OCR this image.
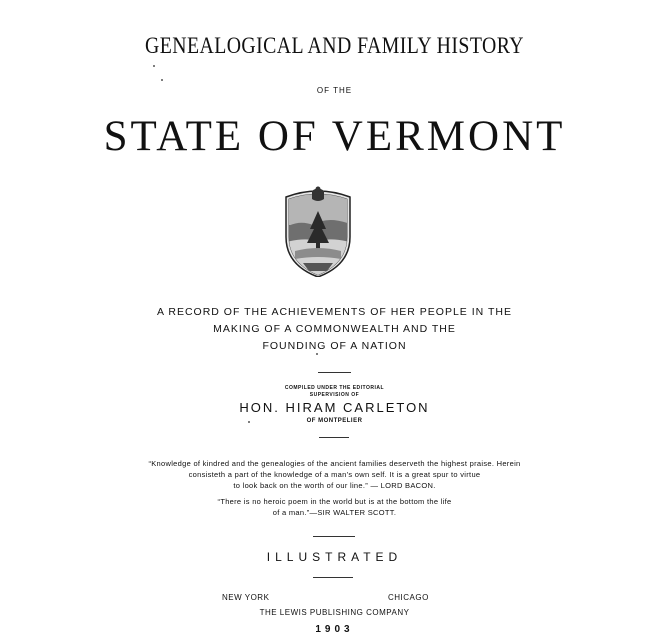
GENEALOGICAL AND FAMILY HISTORY
OF THE
STATE OF VERMONT
A RECORD OF THE ACHIEVEMENTS OF HER PEOPLE IN THE
MAKING OF A COMMONWEALTH AND THE
FOUNDING OF A NATION
COMPILED UNDER THE EDITORIAL
SUPERVISION OF
HON. HIRAM CARLETON
OF MONTPELIER
“Knowledge of kindred and the genealogies of the ancient families deserveth the highest praise. Herein
consisteth a part of the knowledge of a man's own self. It is a great spur to virtue
to look back on the worth of our line.” — LORD BACON.
“There is no heroic poem in the world but is at the bottom the life
of a man.”—SIR WALTER SCOTT.
ILLUSTRATED
NEW YORK	CHICAGO
THE LEWIS PUBLISHING COMPANY
1903
